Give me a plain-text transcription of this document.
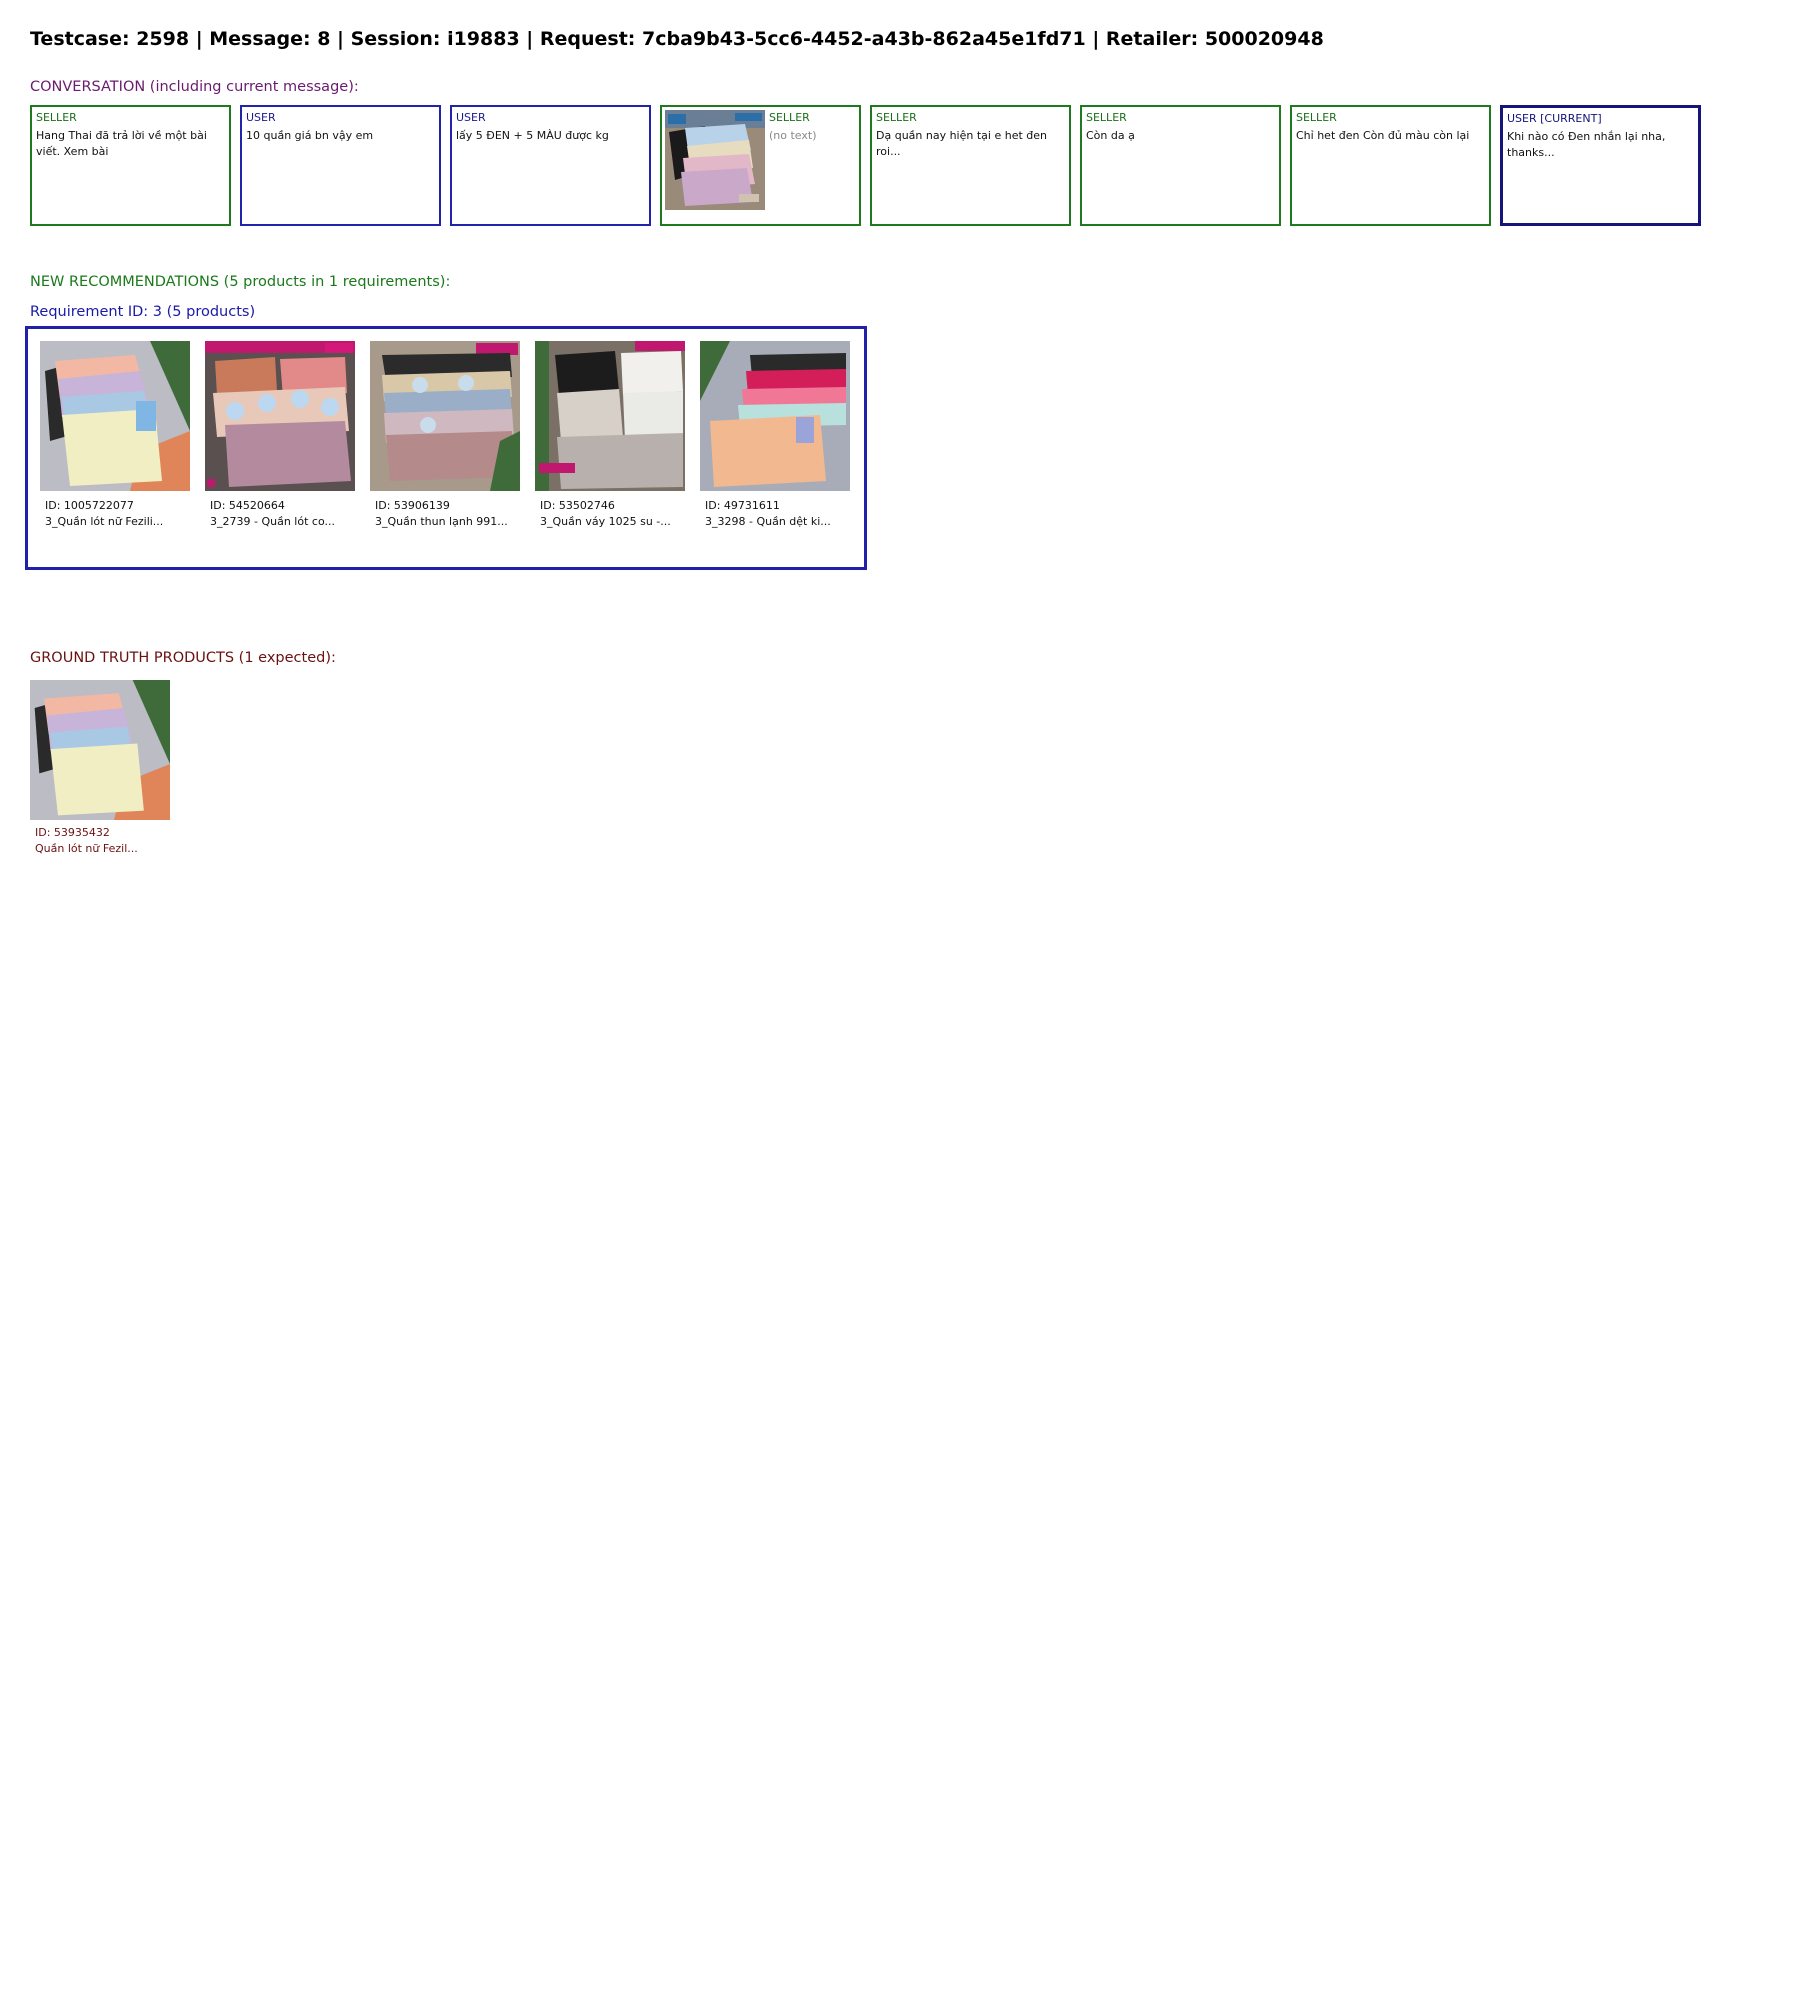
Testcase: 2598 | Message: 8 | Session: i19883 | Request: 7cba9b43-5cc6-4452-a43b-862a45e1fd71 | Retailer: 500020948
CONVERSATION (including current message):
SELLER
Hang Thai đã trả lời về một bài viết. Xem bài
USER
10 quần giá bn vậy em
USER
lấy 5 ĐEN + 5 MÀU được kg
SELLER
(no text)
SELLER
Dạ quần nay hiện tại e het đen roi...
SELLER
Còn da ạ
SELLER
Chỉ het đen Còn đủ màu còn lại
USER [CURRENT]
Khi nào có Đen nhắn lại nha, thanks...
NEW RECOMMENDATIONS (5 products in 1 requirements):
Requirement ID: 3 (5 products)
ID: 1005722077
3_Quần lót nữ Fezili...
ID: 54520664
3_2739 - Quần lót co...
ID: 53906139
3_Quần thun lạnh 991...
ID: 53502746
3_Quần váy 1025 su -...
ID: 49731611
3_3298 - Quần dệt ki...
GROUND TRUTH PRODUCTS (1 expected):
ID: 53935432
Quần lót nữ Fezil...
